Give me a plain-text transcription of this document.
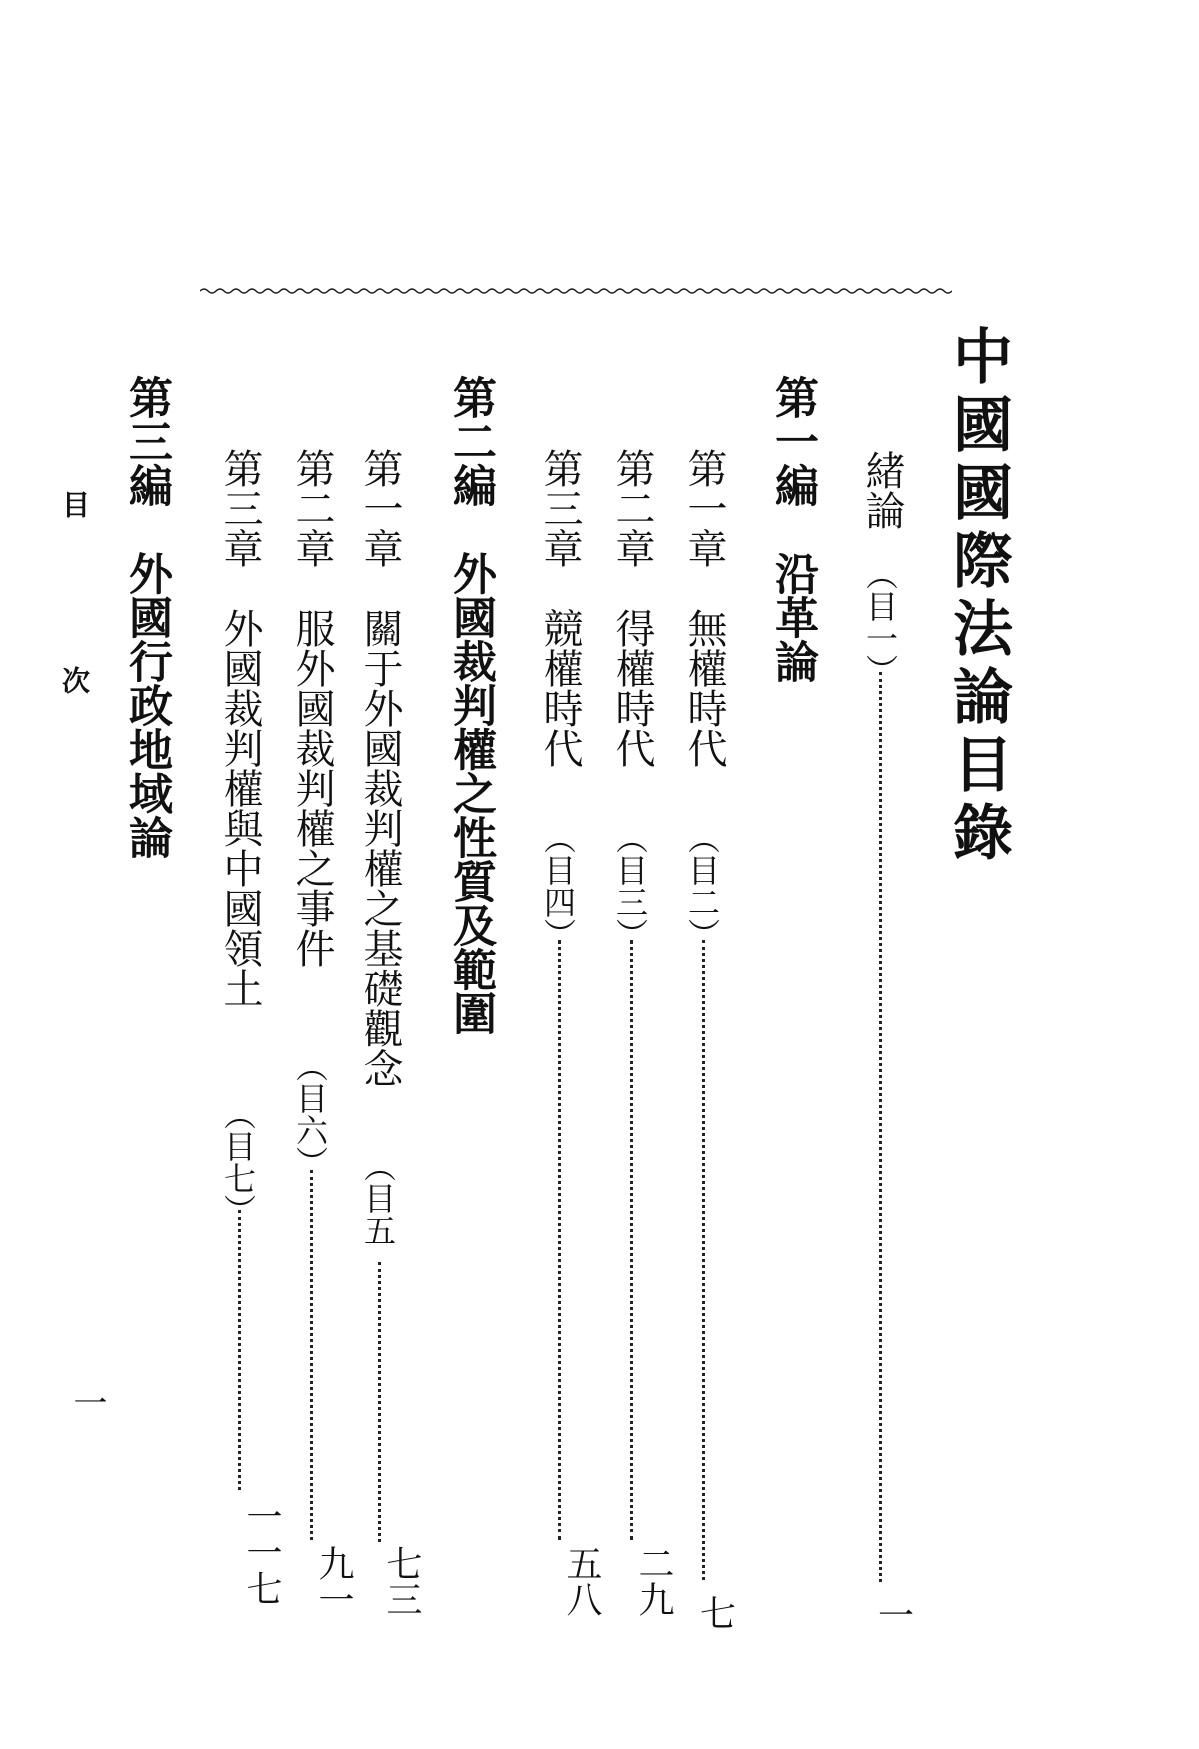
中國國際法論目錄
緒論
（目一）
一
第一編　沿革論
第一章　無權時代
（目二）
七
第二章　得權時代
（目三）
二九
第三章　競權時代
（目四）
五八
第二編　外國裁判權之性質及範圍
第一章　關于外國裁判權之基礎觀念
（目五
七三
第二章　服外國裁判權之事件
（目六）
九一
第三章　外國裁判權與中國領土
（目七）
一一七
第三編　外國行政地域論
目　次
一
